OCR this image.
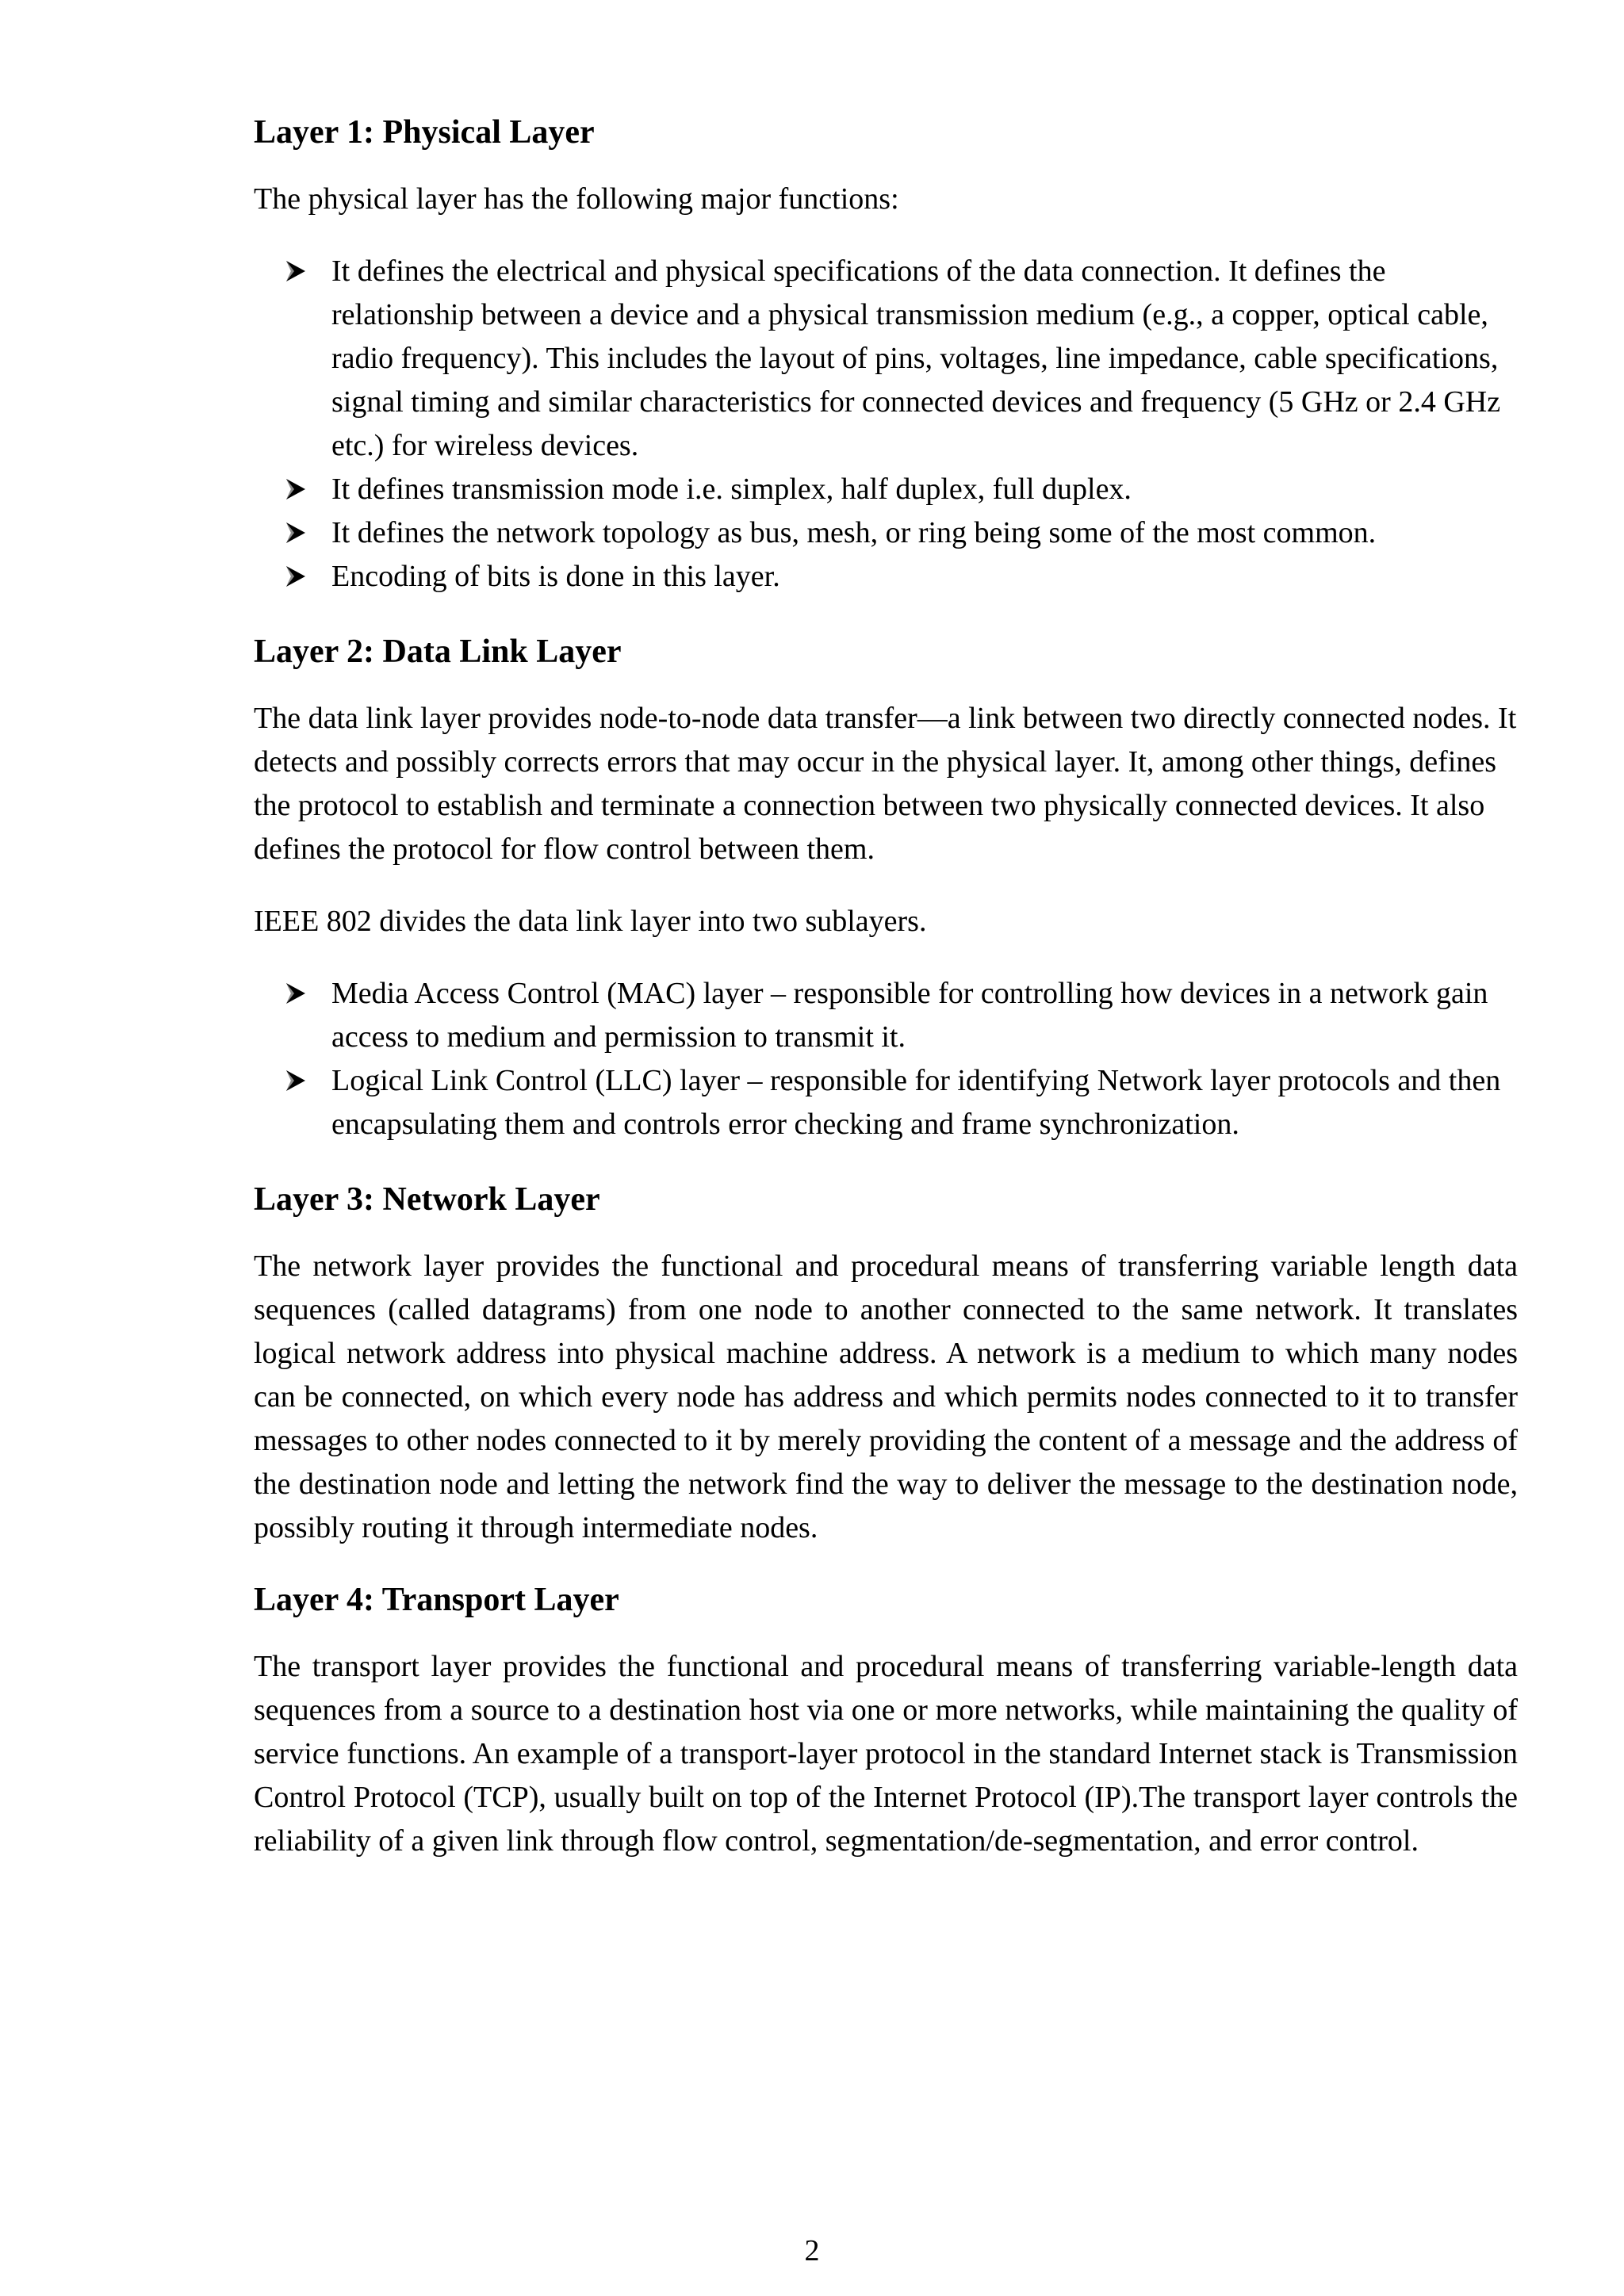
Layer 1: Physical Layer

The physical layer has the following major functions:

It defines the electrical and physical specifications of the data connection. It defines the relationship between a device and a physical transmission medium (e.g., a copper, optical cable, radio frequency). This includes the layout of pins, voltages, line impedance, cable specifications, signal timing and similar characteristics for connected devices and frequency (5 GHz or 2.4 GHz etc.) for wireless devices.
It defines transmission mode i.e. simplex, half duplex, full duplex.
It defines the network topology as bus, mesh, or ring being some of the most common.
Encoding of bits is done in this layer.
Layer 2: Data Link Layer

The data link layer provides node-to-node data transfer—a link between two directly connected nodes. It detects and possibly corrects errors that may occur in the physical layer. It, among other things, defines the protocol to establish and terminate a connection between two physically connected devices. It also defines the protocol for flow control between them.

IEEE 802 divides the data link layer into two sublayers.

Media Access Control (MAC) layer – responsible for controlling how devices in a network gain access to medium and permission to transmit it.
Logical Link Control (LLC) layer – responsible for identifying Network layer protocols and then encapsulating them and controls error checking and frame synchronization.
Layer 3: Network Layer

The network layer provides the functional and procedural means of transferring variable length data sequences (called datagrams) from one node to another connected to the same network. It translates logical network address into physical machine address. A network is a medium to which many nodes can be connected, on which every node has address and which permits nodes connected to it to transfer messages to other nodes connected to it by merely providing the content of a message and the address of the destination node and letting the network find the way to deliver the message to the destination node, possibly routing it through intermediate nodes.

Layer 4: Transport Layer

The transport layer provides the functional and procedural means of transferring variable-length data sequences from a source to a destination host via one or more networks, while maintaining the quality of service functions. An example of a transport-layer protocol in the standard Internet stack is Transmission Control Protocol (TCP), usually built on top of the Internet Protocol (IP).The transport layer controls the reliability of a given link through flow control, segmentation/de-segmentation, and error control.

2
